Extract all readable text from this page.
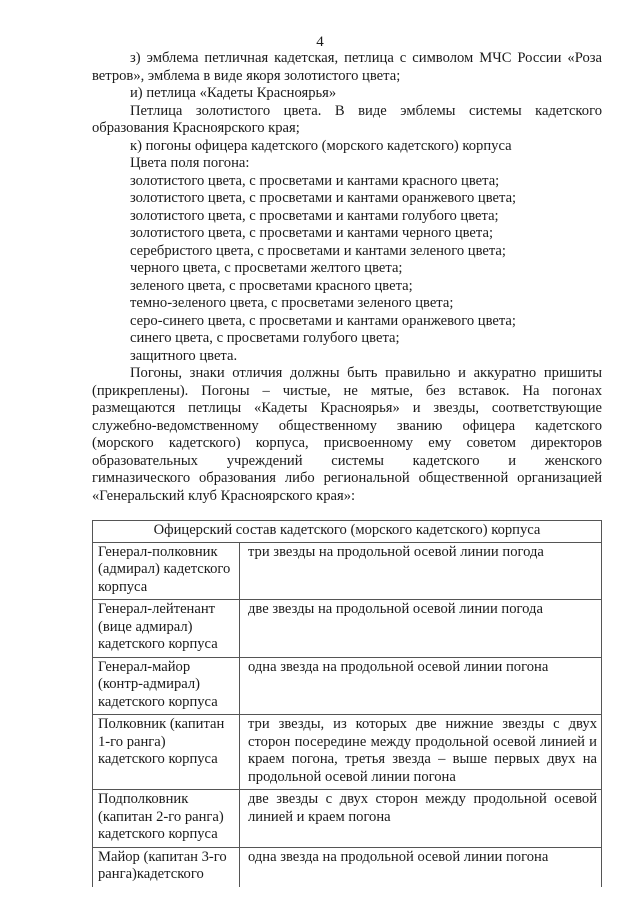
4

з) эмблема петличная кадетская, петлица с символом МЧС России «Роза ветров», эмблема в виде якоря золотистого цвета;

и) петлица «Кадеты Красноярья»

Петлица золотистого цвета. В виде эмблемы системы кадетского образования Красноярского края;

к) погоны офицера кадетского (морского кадетского) корпуса

Цвета поля погона:

золотистого цвета, с просветами и кантами красного цвета;

золотистого цвета, с просветами и кантами оранжевого цвета;

золотистого цвета, с просветами и кантами голубого цвета;

золотистого цвета, с просветами и кантами черного цвета;

серебристого цвета, с просветами и кантами зеленого цвета;

черного цвета, с просветами желтого цвета;

зеленого цвета, с просветами красного цвета;

темно-зеленого цвета, с просветами зеленого цвета;

серо-синего цвета, с просветами и кантами оранжевого цвета;

синего цвета, с просветами голубого цвета;

защитного цвета.

Погоны, знаки отличия должны быть правильно и аккуратно пришиты

(прикреплены). Погоны – чистые, не мятые, без вставок. На погонах

размещаются петлицы «Кадеты Красноярья» и звезды, соответствующие

служебно-ведомственному общественному званию офицера кадетского

(морского кадетского) корпуса, присвоенному ему советом директоров

образовательных учреждений системы кадетского и женского

гимназического образования либо региональной общественной организацией

«Генеральский клуб Красноярского края»:

Офицерский состав кадетского (морского кадетского) корпуса	
Генерал-полковник (адмирал) кадетского корпуса	три звезды на продольной осевой линии погода
Генерал-лейтенант (вице адмирал) кадетского корпуса	две звезды на продольной осевой линии погода
Генерал-майор (контр-адмирал) кадетского корпуса	одна звезда на продольной осевой линии погона
Полковник (капитан 1-го ранга) кадетского корпуса	три звезды, из которых две нижние звезды с двух сторон посередине между продольной осевой линией и краем погона, третья звезда – выше первых двух на продольной осевой линии погона
Подполковник (капитан 2-го ранга) кадетского корпуса	две звезды с двух сторон между продольной осевой линией и краем погона
Майор (капитан 3-го ранга)кадетского	одна звезда на продольной осевой линии погона
